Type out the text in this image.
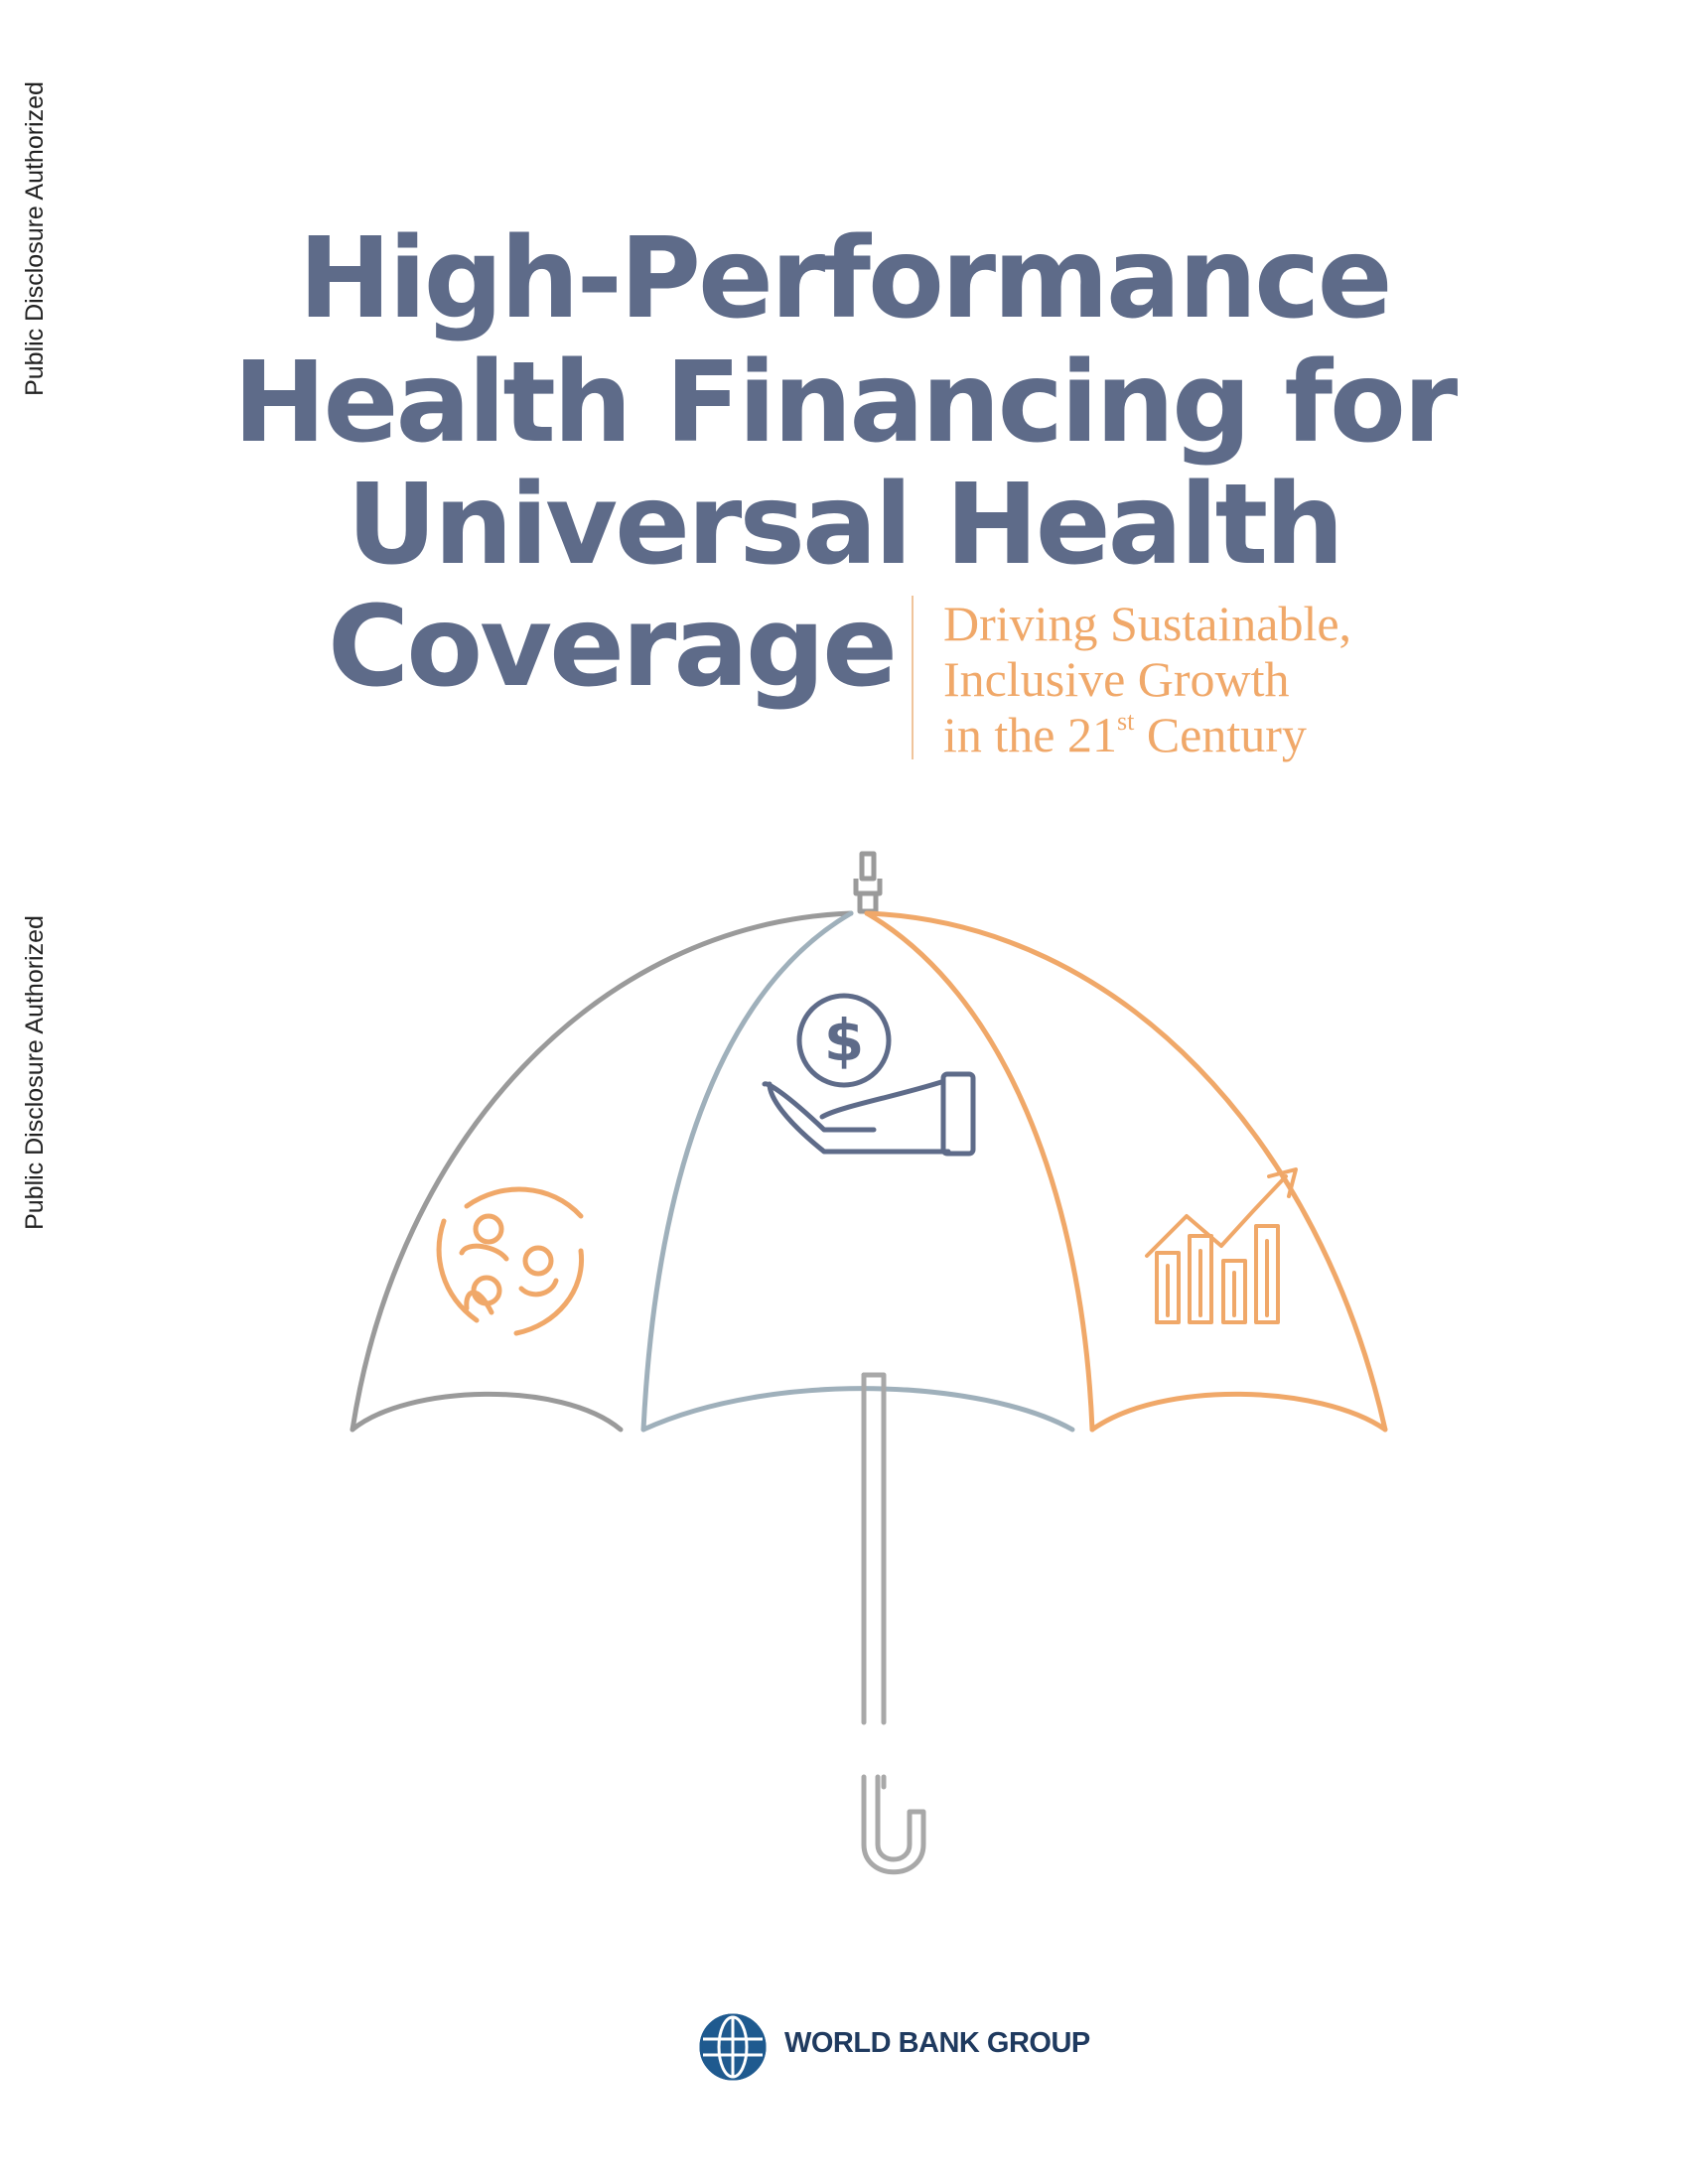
Public Disclosure Authorized
Public Disclosure Authorized
High-Performance
Health Financing for
Universal Health
Coverage Driving Sustainable,
Inclusive Growth
in the 21st Century
$
WORLD BANK GROUP
